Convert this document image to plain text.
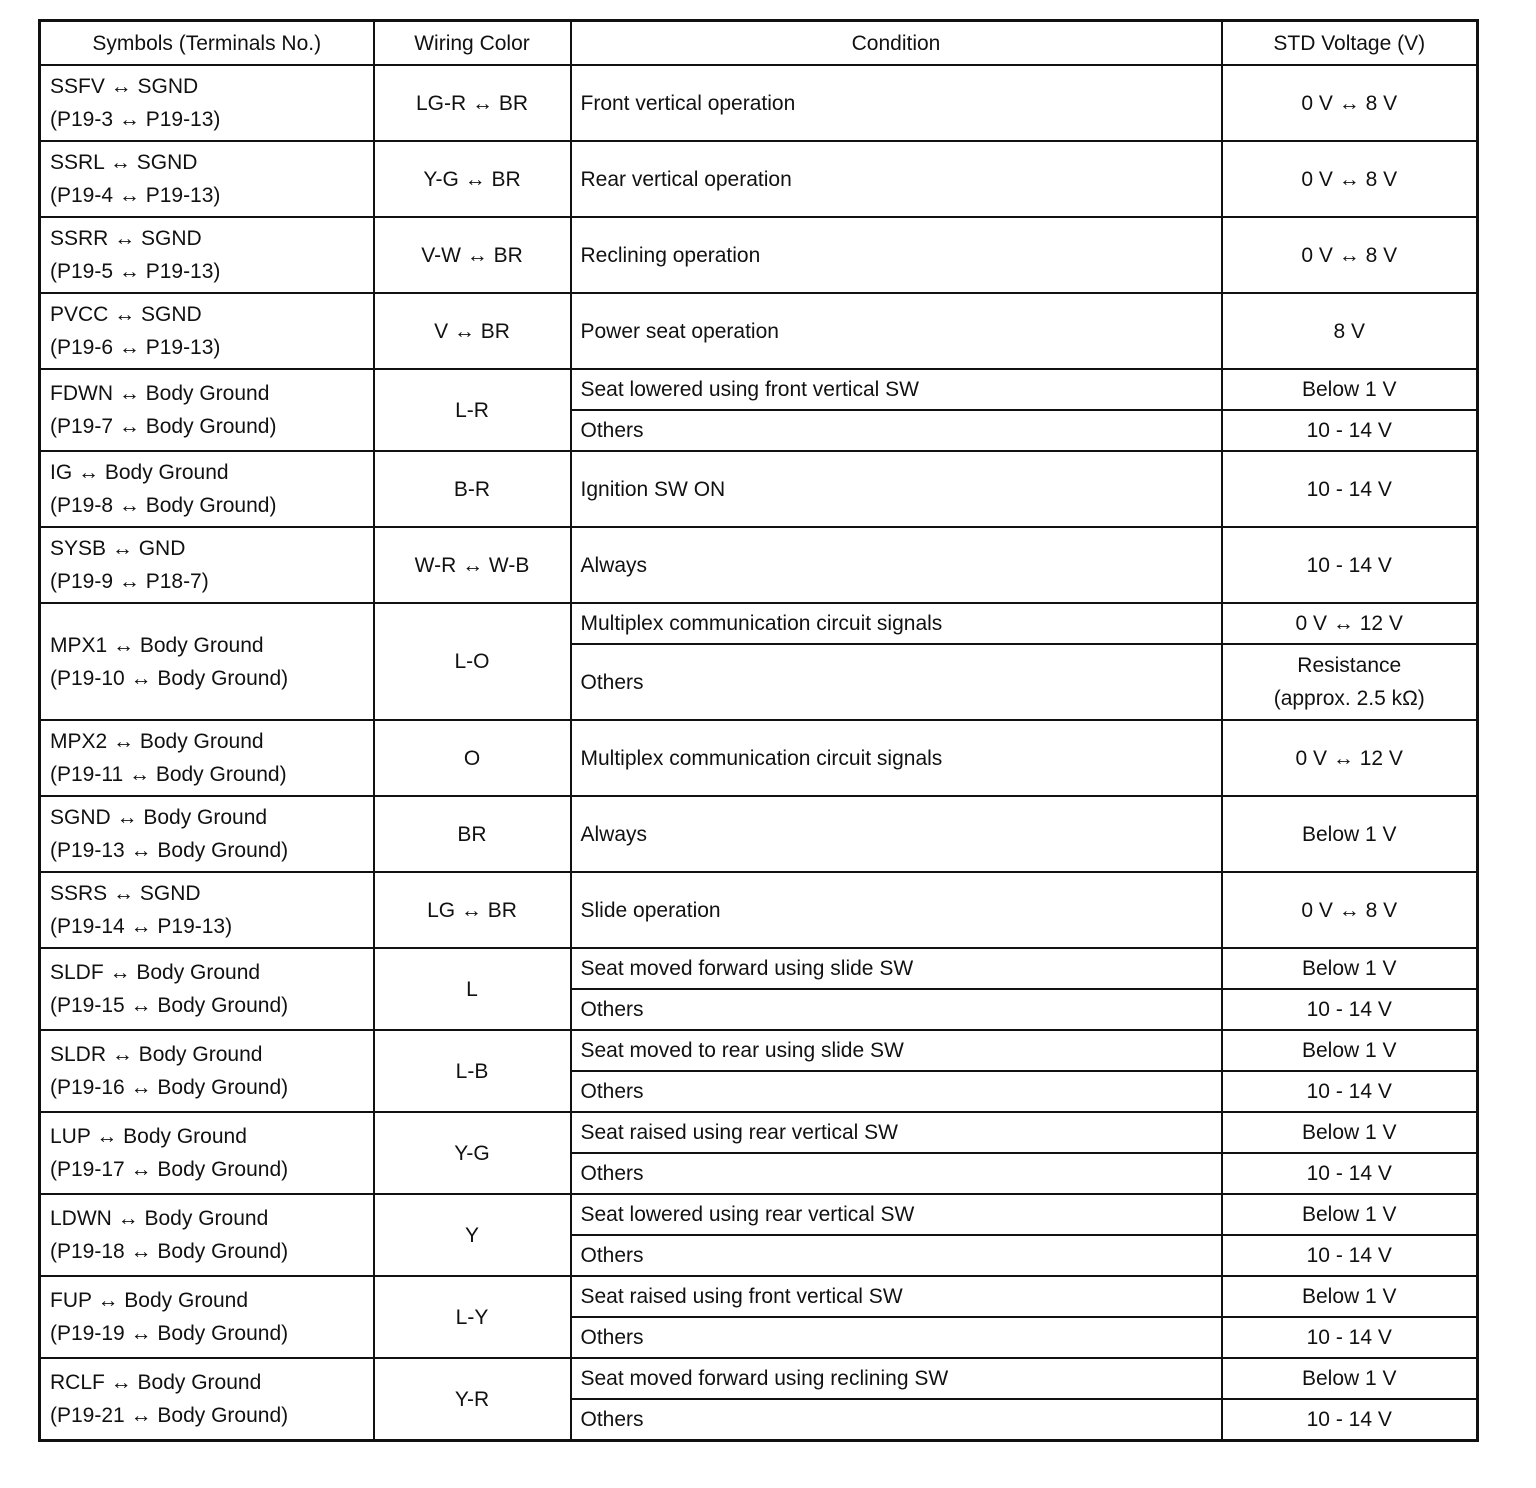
Symbols (Terminals No.)	Wiring Color	Condition	STD Voltage (V)

SSFV ↔ SGND
(P19-3 ↔ P19-13)	LG-R ↔ BR	Front vertical operation	0 V ↔ 8 V

SSRL ↔ SGND
(P19-4 ↔ P19-13)	Y-G ↔ BR	Rear vertical operation	0 V ↔ 8 V

SSRR ↔ SGND
(P19-5 ↔ P19-13)	V-W ↔ BR	Reclining operation	0 V ↔ 8 V

PVCC ↔ SGND
(P19-6 ↔ P19-13)	V ↔ BR	Power seat operation	8 V

FDWN ↔ Body Ground
(P19-7 ↔ Body Ground)	L-R	Seat lowered using front vertical SW	Below 1 V
		Others	10 - 14 V

IG ↔ Body Ground
(P19-8 ↔ Body Ground)	B-R	Ignition SW ON	10 - 14 V

SYSB ↔ GND
(P19-9 ↔ P18-7)	W-R ↔ W-B	Always	10 - 14 V

MPX1 ↔ Body Ground
(P19-10 ↔ Body Ground)	L-O	Multiplex communication circuit signals	0 V ↔ 12 V
		Others	Resistance
(approx. 2.5 kΩ)

MPX2 ↔ Body Ground
(P19-11 ↔ Body Ground)	O	Multiplex communication circuit signals	0 V ↔ 12 V

SGND ↔ Body Ground
(P19-13 ↔ Body Ground)	BR	Always	Below 1 V

SSRS ↔ SGND
(P19-14 ↔ P19-13)	LG ↔ BR	Slide operation	0 V ↔ 8 V

SLDF ↔ Body Ground
(P19-15 ↔ Body Ground)	L	Seat moved forward using slide SW	Below 1 V
		Others	10 - 14 V

SLDR ↔ Body Ground
(P19-16 ↔ Body Ground)	L-B	Seat moved to rear using slide SW	Below 1 V
		Others	10 - 14 V

LUP ↔ Body Ground
(P19-17 ↔ Body Ground)	Y-G	Seat raised using rear vertical SW	Below 1 V
		Others	10 - 14 V

LDWN ↔ Body Ground
(P19-18 ↔ Body Ground)	Y	Seat lowered using rear vertical SW	Below 1 V
		Others	10 - 14 V

FUP ↔ Body Ground
(P19-19 ↔ Body Ground)	L-Y	Seat raised using front vertical SW	Below 1 V
		Others	10 - 14 V

RCLF ↔ Body Ground
(P19-21 ↔ Body Ground)	Y-R	Seat moved forward using reclining SW	Below 1 V
		Others	10 - 14 V
